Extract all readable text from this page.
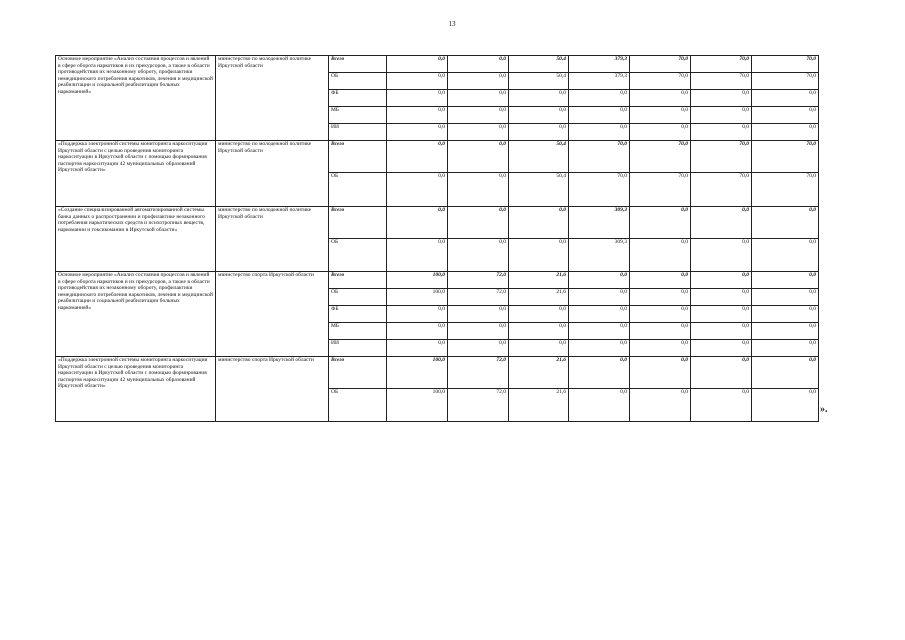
13
Основное мероприятие «Анализ состояния процессов и явлений в сфере оборота наркотиков и их прекурсоров, а также в области противодействия их незаконному обороту, профилактики немедицинского потребления наркотиков, лечения и медицинской реабилитации и социальной реабилитации больных наркоманией»	министерство по молодежной политике Иркутской области	Всего	0,0	0,0	50,4	379,3	70,0	70,0	70,0
		ОБ	0,0	0,0	50,4	379,3	70,0	70,0	70,0
		ФБ	0,0	0,0	0,0	0,0	0,0	0,0	0,0
		МБ	0,0	0,0	0,0	0,0	0,0	0,0	0,0
		ИИ	0,0	0,0	0,0	0,0	0,0	0,0	0,0
«Поддержка электронной системы мониторинга наркоситуации Иркутской области с целью проведения мониторинга наркоситуации в Иркутской области с помощью формирования паспортов наркоситуации 42 муниципальных образований Иркутской области»	министерство по молодежной политике Иркутской области	Всего	0,0	0,0	50,4	70,0	70,0	70,0	70,0
		ОБ	0,0	0,0	50,4	70,0	70,0	70,0	70,0
«Создание специализированной автоматизированной системы банка данных о распространении и профилактике незаконного потребления наркотических средств и психотропных веществ, наркомании и токсикомании в Иркутской области»	министерство по молодежной политике Иркутской области	Всего	0,0	0,0	0,0	309,3	0,0	0,0	0,0
		ОБ	0,0	0,0	0,0	309,3	0,0	0,0	0,0
Основное мероприятие «Анализ состояния процессов и явлений в сфере оборота наркотиков и их прекурсоров, а также в области противодействия их незаконному обороту, профилактики немедицинского потребления наркотиков, лечения и медицинской реабилитации и социальной реабилитации больных наркоманией»	министерство спорта Иркутской области	Всего	100,0	72,0	21,6	0,0	0,0	0,0	0,0
		ОБ	100,0	72,0	21,6	0,0	0,0	0,0	0,0
		ФБ	0,0	0,0	0,0	0,0	0,0	0,0	0,0
		МБ	0,0	0,0	0,0	0,0	0,0	0,0	0,0
		ИИ	0,0	0,0	0,0	0,0	0,0	0,0	0,0
«Поддержка электронной системы мониторинга наркоситуации Иркутской области с целью проведения мониторинга наркоситуации в Иркутской области с помощью формирования паспортов наркоситуации 42 муниципальных образований Иркутской области»	министерство спорта Иркутской области	Всего	100,0	72,0	21,6	0,0	0,0	0,0	0,0
		ОБ	100,0	72,0	21,6	0,0	0,0	0,0	0,0
».
